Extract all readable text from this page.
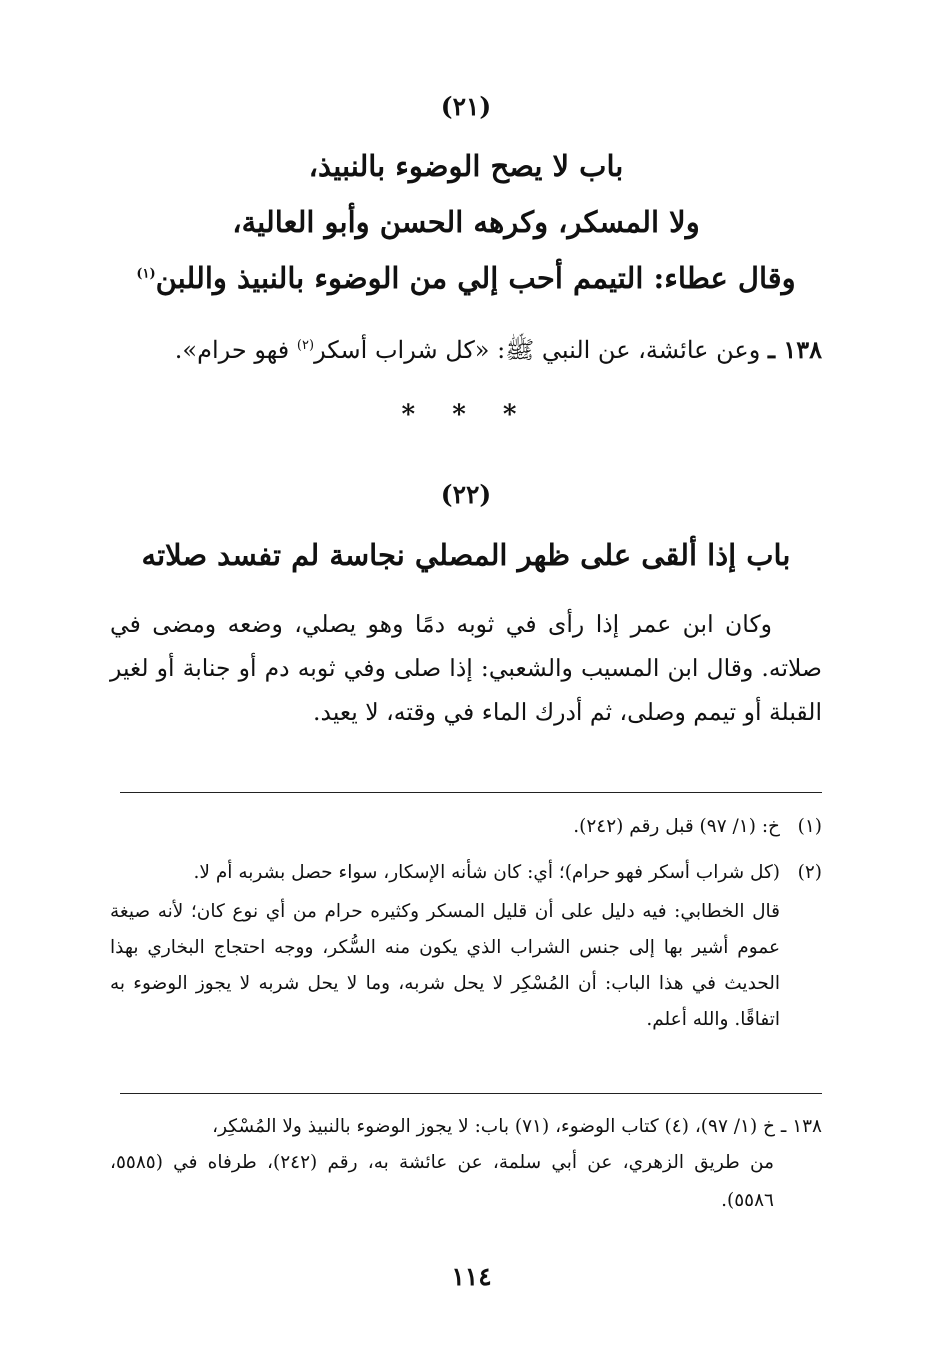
(٢١)
باب لا يصح الوضوء بالنبيذ،
ولا المسكر، وكرهه الحسن وأبو العالية،
وقال عطاء: التيمم أحب إلي من الوضوء بالنبيذ واللبن$^{(١)}$
١٣٨ ـ وعن عائشة، عن النبي ﷺ: «كل شراب أسكر$^{(٢)}$ فهو حرام».
* * *
(٢٢)
باب إذا ألقى على ظهر المصلي نجاسة لم تفسد صلاته
وكان ابن عمر إذا رأى في ثوبه دمًا وهو يصلي، وضعه ومضى في صلاته. وقال ابن المسيب والشعبي: إذا صلى وفي ثوبه دم أو جنابة أو لغير القبلة أو تيمم وصلى، ثم أدرك الماء في وقته، لا يعيد.
(١)خ: (١/ ٩٧) قبل رقم (٢٤٢).
(٢)(كل شراب أسكر فهو حرام)؛ أي: كان شأنه الإسكار، سواء حصل بشربه أم لا.
قال الخطابي: فيه دليل على أن قليل المسكر وكثيره حرام من أي نوع كان؛ لأنه صيغة عموم أشير بها إلى جنس الشراب الذي يكون منه السُّكر، ووجه احتجاج البخاري بهذا الحديث في هذا الباب: أن المُسْكِر لا يحل شربه، وما لا يحل شربه لا يجوز الوضوء به اتفاقًا. والله أعلم.
١٣٨ ـ خ (١/ ٩٧)، (٤) كتاب الوضوء، (٧١) باب: لا يجوز الوضوء بالنبيذ ولا المُسْكِر،
من طريق الزهري، عن أبي سلمة، عن عائشة به، رقم (٢٤٢)، طرفاه في (٥٥٨٥، ٥٥٨٦).
١١٤
